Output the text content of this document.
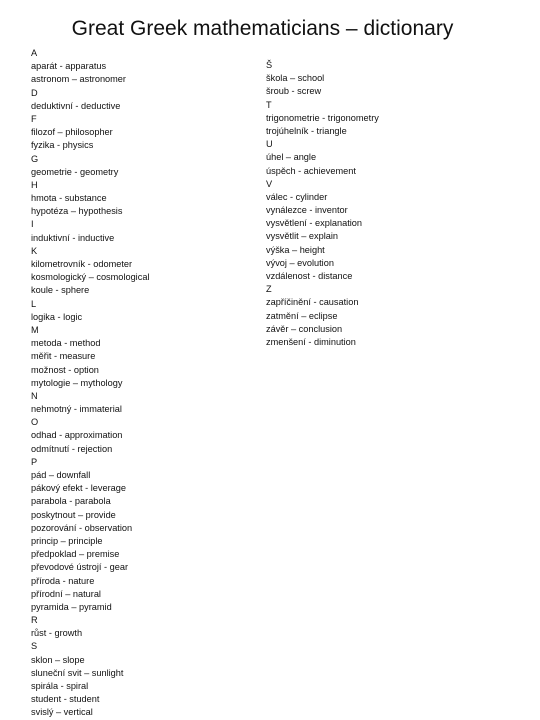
Great Greek mathematicians – dictionary
A
aparát - apparatus
astronom – astronomer
D
deduktivní - deductive
F
filozof – philosopher
fyzika - physics
G
geometrie - geometry
H
hmota - substance
hypotéza – hypothesis
I
induktivní - inductive
K
kilometrovník - odometer
kosmologický – cosmological
koule - sphere
L
logika - logic
M
metoda - method
měřit - measure
možnost - option
mytologie – mythology
N
nehmotný - immaterial
O
odhad - approximation
odmítnutí - rejection
P
pád – downfall
pákový efekt - leverage
parabola - parabola
poskytnout – provide
pozorování - observation
princip – principle
předpoklad – premise
převodové ústrojí - gear
příroda - nature
přírodní – natural
pyramida – pyramid
R
růst - growth
S
sklon – slope
sluneční svit – sunlight
spirála - spiral
student - student
svislý – vertical
Š
škola – school
šroub - screw
T
trigonometrie - trigonometry
trojúhelník - triangle
U
úhel – angle
úspěch - achievement
V
válec - cylinder
vynálezce - inventor
vysvětlení - explanation
vysvětlit – explain
výška – height
vývoj – evolution
vzdálenost - distance
Z
zapříčinění - causation
zatmění – eclipse
závěr – conclusion
zmenšení - diminution
